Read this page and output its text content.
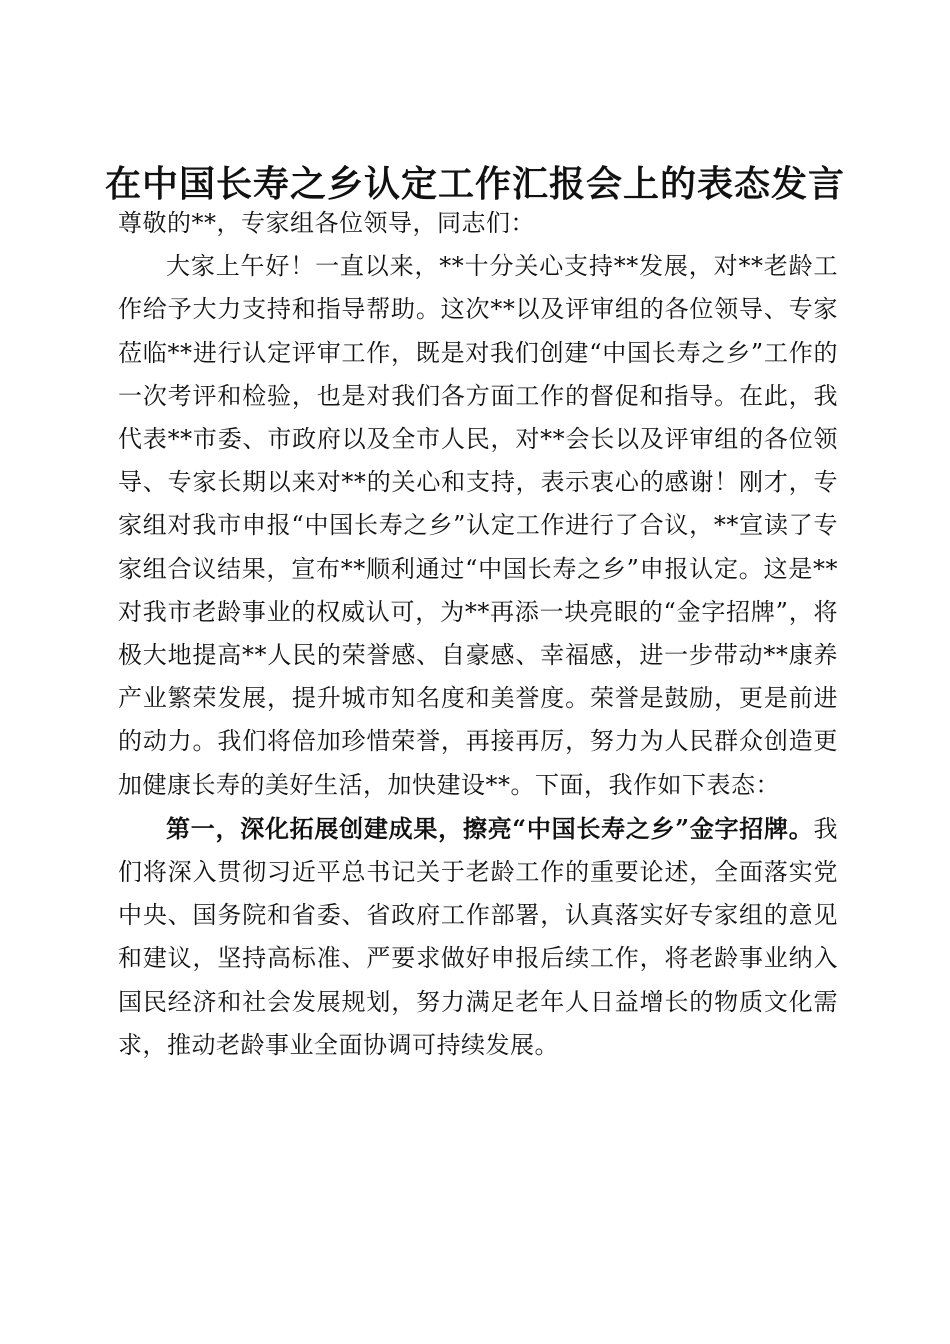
在中国长寿之乡认定工作汇报会上的表态发言

尊敬的**，专家组各位领导，同志们：

大家上午好！一直以来，**十分关心支持**发展，对**老龄工作给予大力支持和指导帮助。这次**以及评审组的各位领导、专家莅临**进行认定评审工作，既是对我们创建“中国长寿之乡”工作的一次考评和检验，也是对我们各方面工作的督促和指导。在此，我代表**市委、市政府以及全市人民，对**会长以及评审组的各位领导、专家长期以来对**的关心和支持，表示衷心的感谢！刚才，专家组对我市申报“中国长寿之乡”认定工作进行了合议，**宣读了专家组合议结果，宣布**顺利通过“中国长寿之乡”申报认定。这是**对我市老龄事业的权威认可，为**再添一块亮眼的“金字招牌”，将极大地提高**人民的荣誉感、自豪感、幸福感，进一步带动**康养产业繁荣发展，提升城市知名度和美誉度。荣誉是鼓励，更是前进的动力。我们将倍加珍惜荣誉，再接再厉，努力为人民群众创造更加健康长寿的美好生活，加快建设**。下面，我作如下表态：

第一，深化拓展创建成果，擦亮“中国长寿之乡”金字招牌。我们将深入贯彻习近平总书记关于老龄工作的重要论述，全面落实党中央、国务院和省委、省政府工作部署，认真落实好专家组的意见和建议，坚持高标准、严要求做好申报后续工作，将老龄事业纳入国民经济和社会发展规划，努力满足老年人日益增长的物质文化需求，推动老龄事业全面协调可持续发展。
